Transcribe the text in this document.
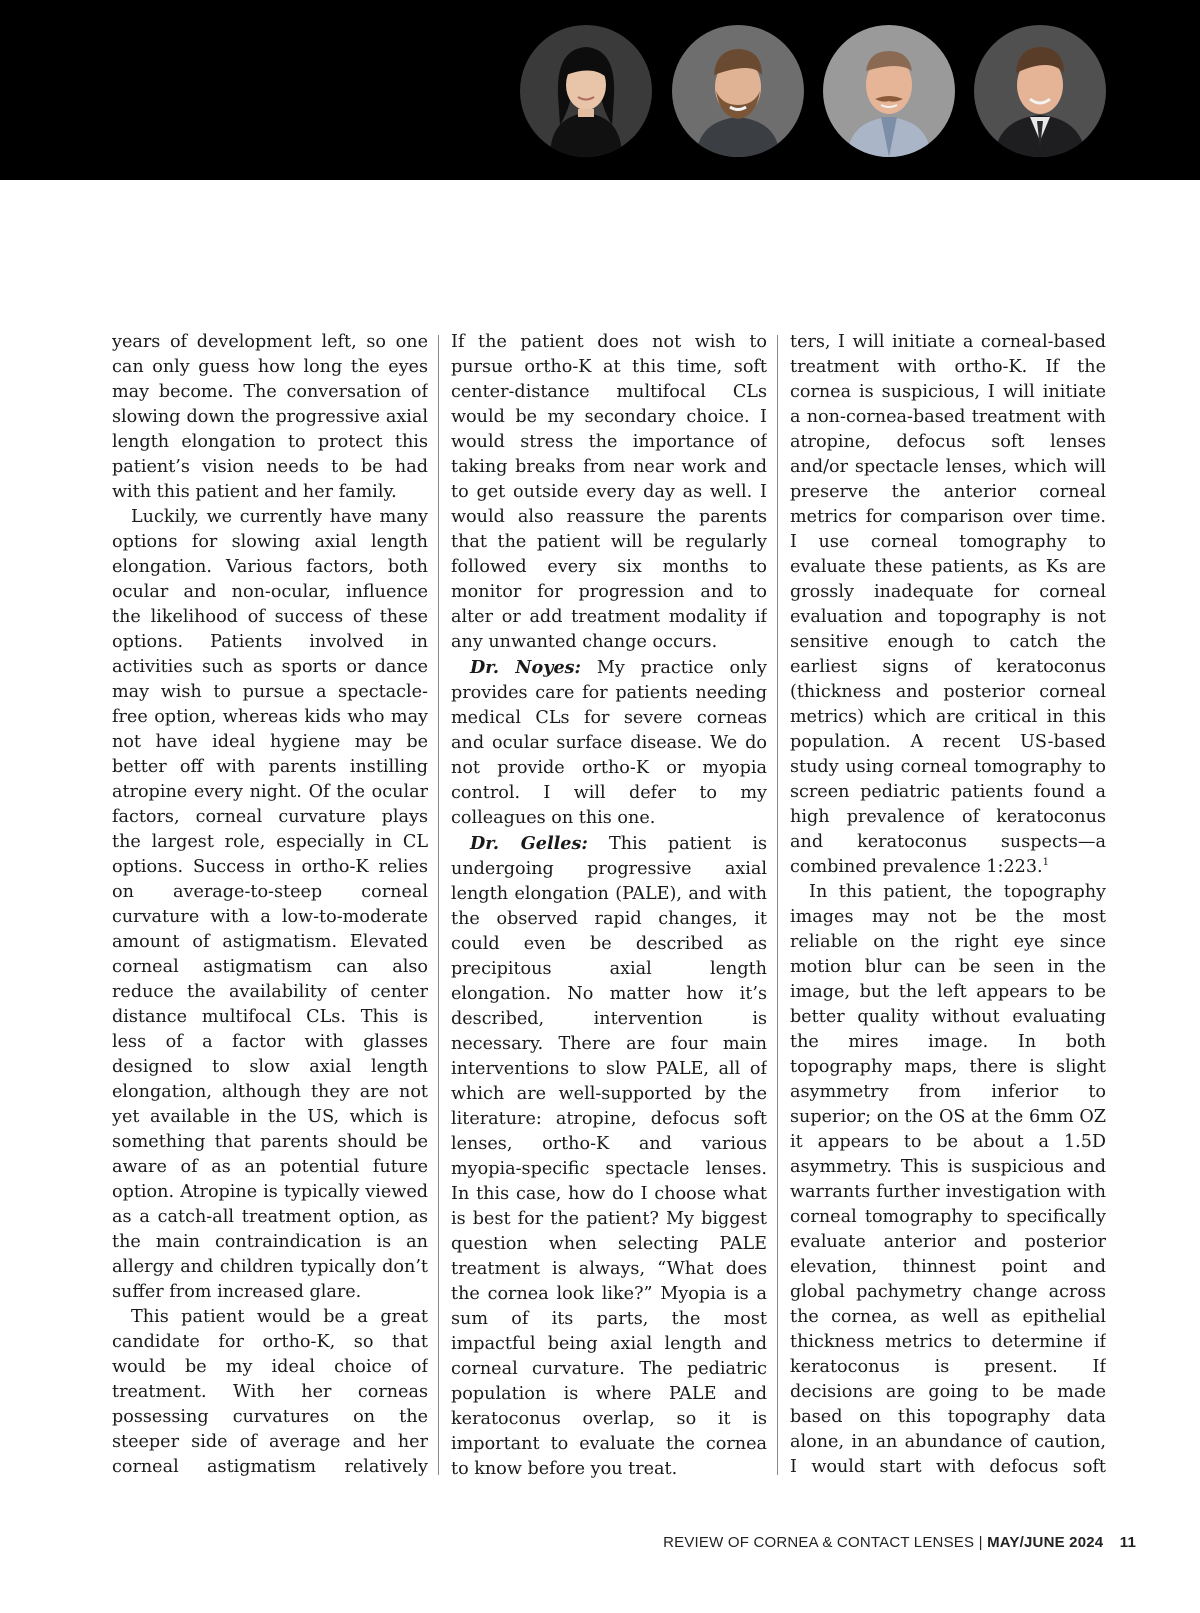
years of development left, so one can only guess how long the eyes may become. The conversation of slowing down the progressive axial length elongation to protect this patient’s vision needs to be had with this patient and her family.

Luckily, we currently have many options for slowing axial length elongation. Various factors, both ocular and non-ocular, influence the likelihood of success of these options. Patients involved in activities such as sports or dance may wish to pursue a spectacle-free option, whereas kids who may not have ideal hygiene may be better off with parents instilling atropine every night. Of the ocular factors, corneal curvature plays the largest role, especially in CL options. Success in ortho-K relies on average-to-steep corneal curvature with a low-to-moderate amount of astigmatism. Elevated corneal astigmatism can also reduce the availability of center distance multifocal CLs. This is less of a factor with glasses designed to slow axial length elongation, although they are not yet available in the US, which is something that parents should be aware of as an potential future option. Atropine is typically viewed as a catch-all treatment option, as the main contraindication is an allergy and children typically don’t suffer from increased glare.

This patient would be a great candidate for ortho-K, so that would be my ideal choice of treatment. With her corneas possessing curvatures on the steeper side of average and her corneal astigmatism relatively

If the patient does not wish to pursue ortho-K at this time, soft center-distance multifocal CLs would be my secondary choice. I would stress the importance of taking breaks from near work and to get outside every day as well. I would also reassure the parents that the patient will be regularly followed every six months to monitor for progression and to alter or add treatment modality if any unwanted change occurs.

Dr. Noyes: My practice only provides care for patients needing medical CLs for severe corneas and ocular surface disease. We do not provide ortho-K or myopia control. I will defer to my colleagues on this one.

Dr. Gelles: This patient is undergoing progressive axial length elongation (PALE), and with the observed rapid changes, it could even be described as precipitous axial length elongation. No matter how it’s described, intervention is necessary. There are four main interventions to slow PALE, all of which are well-supported by the literature: atropine, defocus soft lenses, ortho-K and various myopia-specific spectacle lenses. In this case, how do I choose what is best for the patient? My biggest question when selecting PALE treatment is always, “What does the cornea look like?” Myopia is a sum of its parts, the most impactful being axial length and corneal curvature. The pediatric population is where PALE and keratoconus overlap, so it is important to evaluate the cornea to know before you treat.

ters, I will initiate a corneal-based treatment with ortho-K. If the cornea is suspicious, I will initiate a non-cornea-based treatment with atropine, defocus soft lenses and/or spectacle lenses, which will preserve the anterior corneal metrics for comparison over time. I use corneal tomography to evaluate these patients, as Ks are grossly inadequate for corneal evaluation and topography is not sensitive enough to catch the earliest signs of keratoconus (thickness and posterior corneal metrics) which are critical in this population. A recent US-based study using corneal tomography to screen pediatric patients found a high prevalence of keratoconus and keratoconus suspects—a combined prevalence 1:223.$^1$

In this patient, the topography images may not be the most reliable on the right eye since motion blur can be seen in the image, but the left appears to be better quality without evaluating the mires image. In both topography maps, there is slight asymmetry from inferior to superior; on the OS at the 6mm OZ it appears to be about a 1.5D asymmetry. This is suspicious and warrants further investigation with corneal tomography to specifically evaluate anterior and posterior elevation, thinnest point and global pachymetry change across the cornea, as well as epithelial thickness metrics to determine if keratoconus is present. If decisions are going to be made based on this topography data alone, in an abundance of caution, I would start with defocus soft

REVIEW OF CORNEA & CONTACT LENSES | MAY/JUNE 2024 11
